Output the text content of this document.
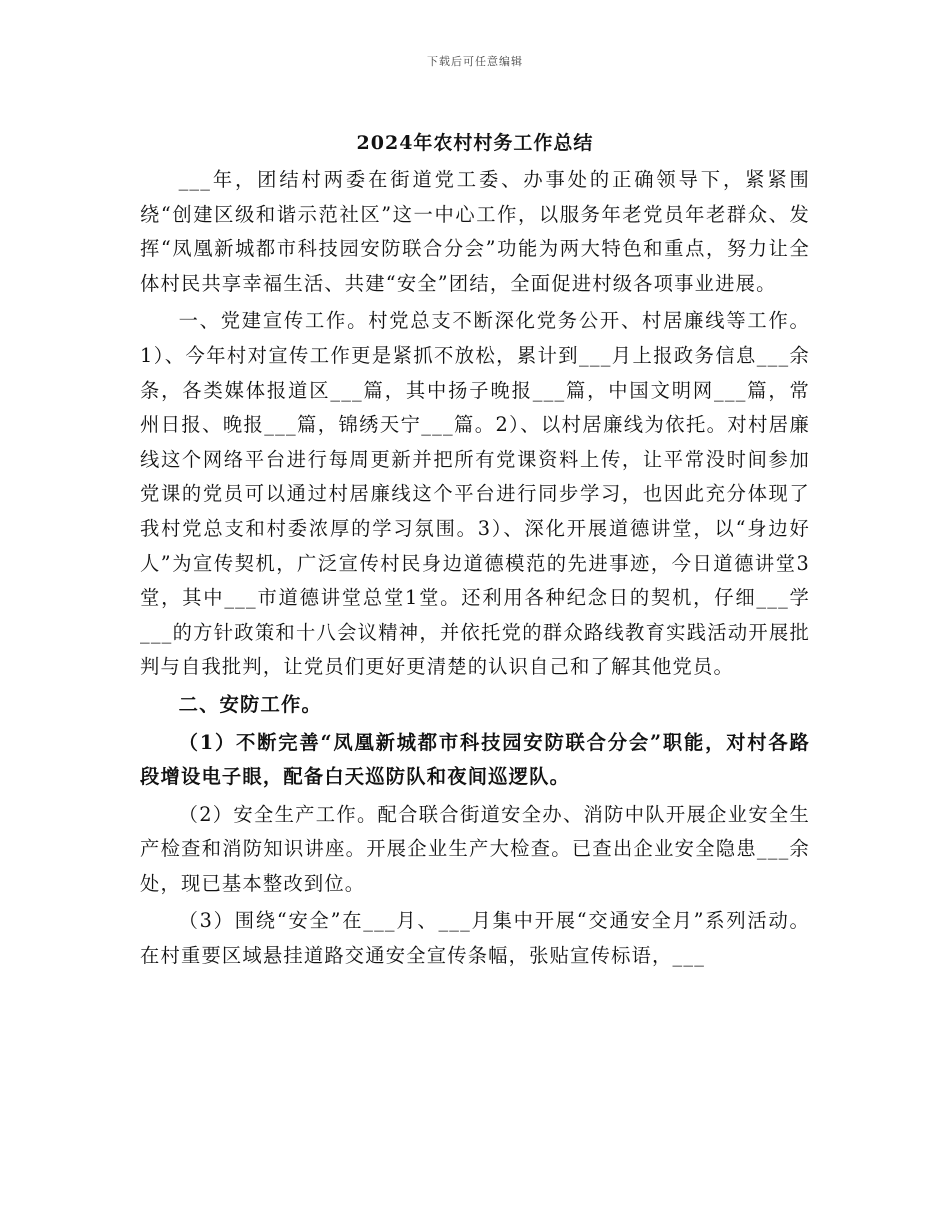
下载后可任意编辑
2024年农村村务工作总结

___年，团结村两委在街道党工委、办事处的正确领导下，紧紧围绕“创建区级和谐示范社区”这一中心工作，以服务年老党员年老群众、发挥“凤凰新城都市科技园安防联合分会”功能为两大特色和重点，努力让全体村民共享幸福生活、共建“安全”团结，全面促进村级各项事业进展。

一、党建宣传工作。村党总支不断深化党务公开、村居廉线等工作。1）、今年村对宣传工作更是紧抓不放松，累计到___月上报政务信息___余条，各类媒体报道区___篇，其中扬子晚报___篇，中国文明网___篇，常州日报、晚报___篇，锦绣天宁___篇。2）、以村居廉线为依托。对村居廉线这个网络平台进行每周更新并把所有党课资料上传，让平常没时间参加党课的党员可以通过村居廉线这个平台进行同步学习，也因此充分体现了我村党总支和村委浓厚的学习氛围。3）、深化开展道德讲堂，以“身边好人”为宣传契机，广泛宣传村民身边道德模范的先进事迹，今日道德讲堂3堂，其中___市道德讲堂总堂1堂。还利用各种纪念日的契机，仔细___学___的方针政策和十八会议精神，并依托党的群众路线教育实践活动开展批判与自我批判，让党员们更好更清楚的认识自己和了解其他党员。

二、安防工作。

（1）不断完善“凤凰新城都市科技园安防联合分会”职能，对村各路段增设电子眼，配备白天巡防队和夜间巡逻队。

（2）安全生产工作。配合联合街道安全办、消防中队开展企业安全生产检查和消防知识讲座。开展企业生产大检查。已查出企业安全隐患___余处，现已基本整改到位。

（3）围绕“安全”在___月、___月集中开展“交通安全月”系列活动。在村重要区域悬挂道路交通安全宣传条幅，张贴宣传标语，___
